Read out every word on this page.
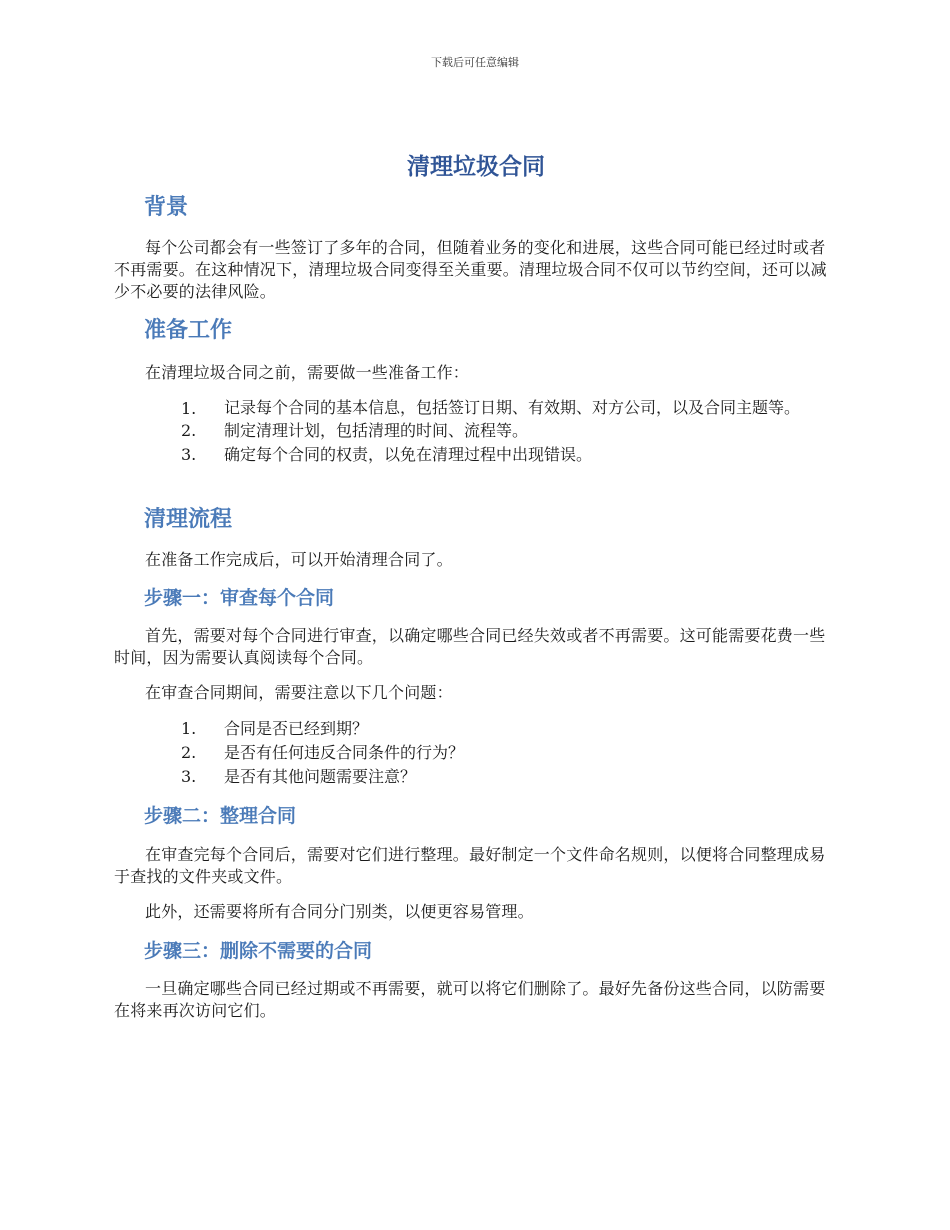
下载后可任意编辑
清理垃圾合同
背景

每个公司都会有一些签订了多年的合同，但随着业务的变化和进展，这些合同可能已经过时或者不再需要。在这种情况下，清理垃圾合同变得至关重要。清理垃圾合同不仅可以节约空间，还可以减少不必要的法律风险。

准备工作

在清理垃圾合同之前，需要做一些准备工作：

1.	记录每个合同的基本信息，包括签订日期、有效期、对方公司，以及合同主题等。
2.	制定清理计划，包括清理的时间、流程等。
3.	确定每个合同的权责，以免在清理过程中出现错误。
清理流程

在准备工作完成后，可以开始清理合同了。

步骤一：审查每个合同

首先，需要对每个合同进行审查，以确定哪些合同已经失效或者不再需要。这可能需要花费一些时间，因为需要认真阅读每个合同。

在审查合同期间，需要注意以下几个问题：

1.	合同是否已经到期？
2.	是否有任何违反合同条件的行为？
3.	是否有其他问题需要注意？
步骤二：整理合同

在审查完每个合同后，需要对它们进行整理。最好制定一个文件命名规则，以便将合同整理成易于查找的文件夹或文件。

此外，还需要将所有合同分门别类，以便更容易管理。

步骤三：删除不需要的合同

一旦确定哪些合同已经过期或不再需要，就可以将它们删除了。最好先备份这些合同，以防需要在将来再次访问它们。
